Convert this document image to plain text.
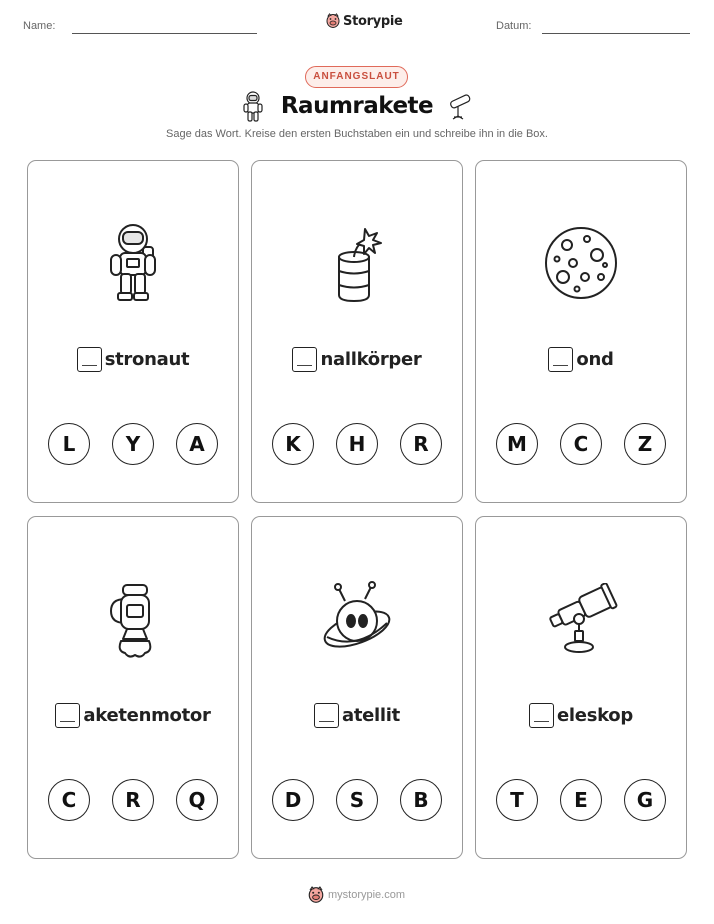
Name:	Storypie	Datum:
ANFANGSLAUT
Raumrakete
Sage das Wort. Kreise den ersten Buchstaben ein und schreibe ihn in die Box.
stronaut
L	Y	A
nallkörper
K	H	R
ond
M	C	Z
aketenmotor
C	R	Q
atellit
D	S	B
eleskop
T	E	G
mystorypie.com
